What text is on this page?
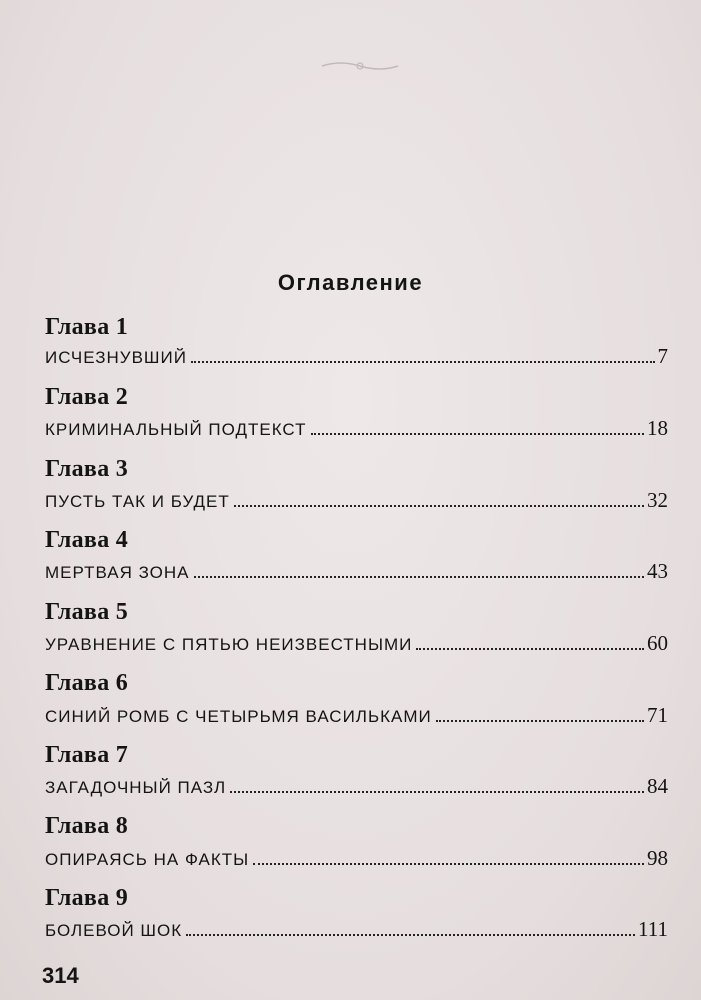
Оглавление
Глава 1
ИСЧЕЗНУВШИЙ	7
Глава 2
КРИМИНАЛЬНЫЙ ПОДТЕКСТ	18
Глава 3
ПУСТЬ ТАК И БУДЕТ	32
Глава 4
МЕРТВАЯ ЗОНА	43
Глава 5
УРАВНЕНИЕ С ПЯТЬЮ НЕИЗВЕСТНЫМИ	60
Глава 6
СИНИЙ РОМБ С ЧЕТЫРЬМЯ ВАСИЛЬКАМИ	71
Глава 7
ЗАГАДОЧНЫЙ ПАЗЛ	84
Глава 8
ОПИРАЯСЬ НА ФАКТЫ	98
Глава 9
БОЛЕВОЙ ШОК	111
314
